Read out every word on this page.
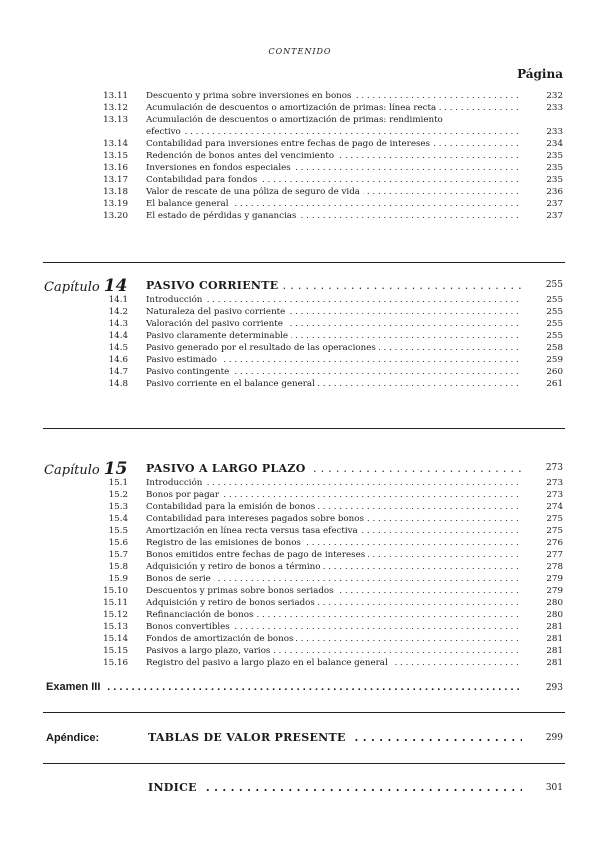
CONTENIDO
Página
13.11 Descuento y prima sobre inversiones en bonos . . .	232
13.12 Acumulación de descuentos o amortización de primas: línea recta . . .	233
13.13 Acumulación de descuentos o amortización de primas: rendimiento
efectivo . . .	233
13.14 Contabilidad para inversiones entre fechas de pago de intereses . . .	234
13.15 Redención de bonos antes del vencimiento . . .	235
13.16 Inversiones en fondos especiales . . .	235
13.17 Contabilidad para fondos . . .	235
13.18 Valor de rescate de una póliza de seguro de vida . . .	236
13.19 El balance general . . .	237
13.20 El estado de pérdidas y ganancias . . .	237
Capítulo 14 PASIVO CORRIENTE . . .	255
14.1 Introducción . . .	255
14.2 Naturaleza del pasivo corriente . . .	255
14.3 Valoración del pasivo corriente . . .	255
14.4 Pasivo claramente determinable . . .	255
14.5 Pasivo generado por el resultado de las operaciones . . .	258
14.6 Pasivo estimado . . .	259
14.7 Pasivo contingente . . .	260
14.8 Pasivo corriente en el balance general . . .	261
Capítulo 15 PASIVO A LARGO PLAZO . . .	273
15.1 Introducción . . .	273
15.2 Bonos por pagar . . .	273
15.3 Contabilidad para la emisión de bonos . . .	274
15.4 Contabilidad para intereses pagados sobre bonos . . .	275
15.5 Amortización en línea recta versus tasa efectiva . . .	275
15.6 Registro de las emisiones de bonos . . .	276
15.7 Bonos emitidos entre fechas de pago de intereses . . .	277
15.8 Adquisición y retiro de bonos a término . . .	278
15.9 Bonos de serie . . .	279
15.10 Descuentos y primas sobre bonos seriados . . .	279
15.11 Adquisición y retiro de bonos seriados . . .	280
15.12 Refinanciación de bonos . . .	280
15.13 Bonos convertibles . . .	281
15.14 Fondos de amortización de bonos . . .	281
15.15 Pasivos a largo plazo, varios . . .	281
15.16 Registro del pasivo a largo plazo en el balance general . . .	281
Examen III . . .	293
Apéndice:	TABLAS DE VALOR PRESENTE . . .	299
INDICE . . .	301
